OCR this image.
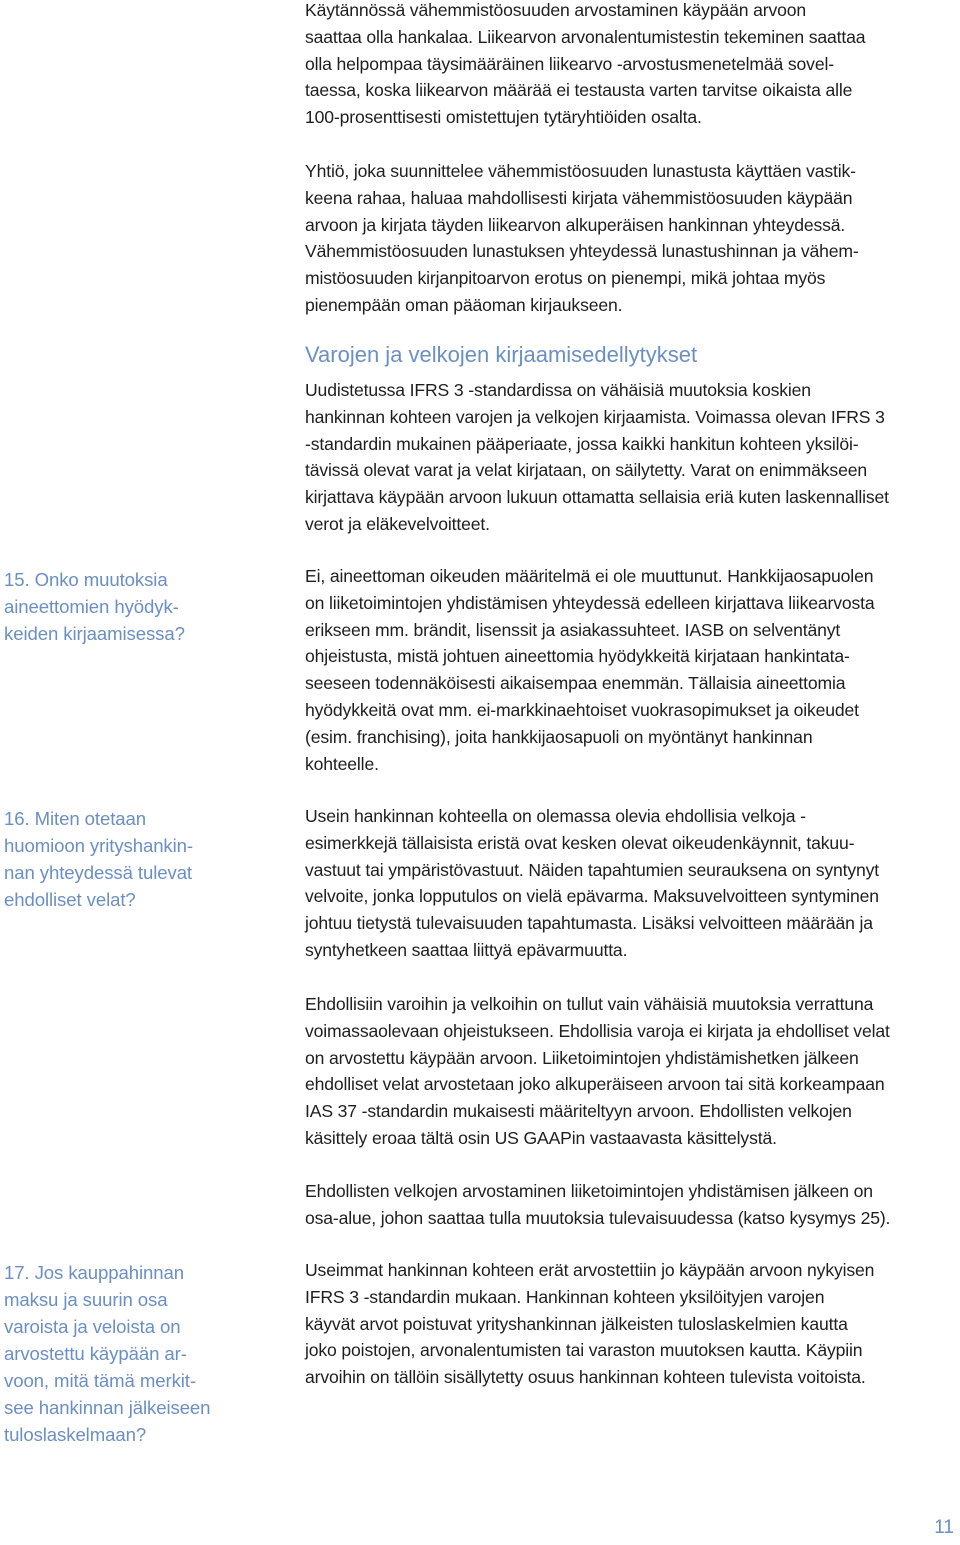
Käytännössä vähemmistöosuuden arvostaminen käypään arvoon
saattaa olla hankalaa. Liikearvon arvonalentumistestin tekeminen saattaa
olla helpompaa täysimääräinen liikearvo -arvostusmenetelmää sovel-
taessa, koska liikearvon määrää ei testausta varten tarvitse oikaista alle
100-prosenttisesti omistettujen tytäryhtiöiden osalta.

Yhtiö, joka suunnittelee vähemmistöosuuden lunastusta käyttäen vastik-
keena rahaa, haluaa mahdollisesti kirjata vähemmistöosuuden käypään
arvoon ja kirjata täyden liikearvon alkuperäisen hankinnan yhteydessä.
Vähemmistöosuuden lunastuksen yhteydessä lunastushinnan ja vähem-
mistöosuuden kirjanpitoarvon erotus on pienempi, mikä johtaa myös
pienempään oman pääoman kirjaukseen.

Varojen ja velkojen kirjaamisedellytykset

Uudistetussa IFRS 3 -standardissa on vähäisiä muutoksia koskien
hankinnan kohteen varojen ja velkojen kirjaamista. Voimassa olevan IFRS 3
-standardin mukainen pääperiaate, jossa kaikki hankitun kohteen yksilöi-
tävissä olevat varat ja velat kirjataan, on säilytetty. Varat on enimmäkseen
kirjattava käypään arvoon lukuun ottamatta sellaisia eriä kuten laskennalliset
verot ja eläkevelvoitteet.

15. Onko muutoksia
aineettomien hyödyk-
keiden kirjaamisessa?

Ei, aineettoman oikeuden määritelmä ei ole muuttunut. Hankkijaosapuolen
on liiketoimintojen yhdistämisen yhteydessä edelleen kirjattava liikearvosta
erikseen mm. brändit, lisenssit ja asiakassuhteet. IASB on selventänyt
ohjeistusta, mistä johtuen aineettomia hyödykkeitä kirjataan hankintata-
seeseen todennäköisesti aikaisempaa enemmän. Tällaisia aineettomia
hyödykkeitä ovat mm. ei-markkinaehtoiset vuokrasopimukset ja oikeudet
(esim. franchising), joita hankkijaosapuoli on myöntänyt hankinnan
kohteelle.

16. Miten otetaan
huomioon yrityshankin-
nan yhteydessä tulevat
ehdolliset velat?

Usein hankinnan kohteella on olemassa olevia ehdollisia velkoja -
esimerkkejä tällaisista eristä ovat kesken olevat oikeudenkäynnit, takuu-
vastuut tai ympäristövastuut. Näiden tapahtumien seurauksena on syntynyt
velvoite, jonka lopputulos on vielä epävarma. Maksuvelvoitteen syntyminen
johtuu tietystä tulevaisuuden tapahtumasta. Lisäksi velvoitteen määrään ja
syntyhetkeen saattaa liittyä epävarmuutta.

Ehdollisiin varoihin ja velkoihin on tullut vain vähäisiä muutoksia verrattuna
voimassaolevaan ohjeistukseen. Ehdollisia varoja ei kirjata ja ehdolliset velat
on arvostettu käypään arvoon. Liiketoimintojen yhdistämishetken jälkeen
ehdolliset velat arvostetaan joko alkuperäiseen arvoon tai sitä korkeampaan
IAS 37 -standardin mukaisesti määriteltyyn arvoon. Ehdollisten velkojen
käsittely eroaa tältä osin US GAAPin vastaavasta käsittelystä.

Ehdollisten velkojen arvostaminen liiketoimintojen yhdistämisen jälkeen on
osa-alue, johon saattaa tulla muutoksia tulevaisuudessa (katso kysymys 25).

17. Jos kauppahinnan
maksu ja suurin osa
varoista ja veloista on
arvostettu käypään ar-
voon, mitä tämä merkit-
see hankinnan jälkeiseen
tuloslaskelmaan?

Useimmat hankinnan kohteen erät arvostettiin jo käypään arvoon nykyisen
IFRS 3 -standardin mukaan. Hankinnan kohteen yksilöityjen varojen
käyvät arvot poistuvat yrityshankinnan jälkeisten tuloslaskelmien kautta
joko poistojen, arvonalentumisten tai varaston muutoksen kautta. Käypiin
arvoihin on tällöin sisällytetty osuus hankinnan kohteen tulevista voitoista.

11
